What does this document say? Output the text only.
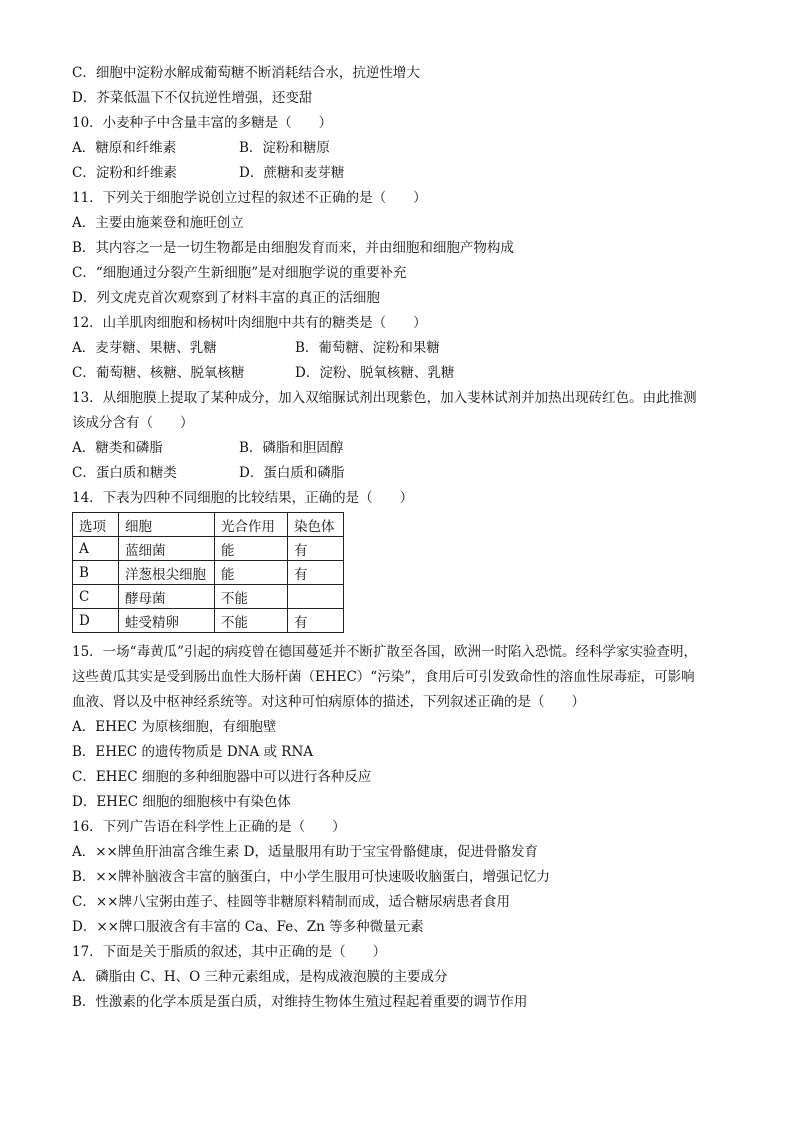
C．细胞中淀粉水解成葡萄糖不断消耗结合水，抗逆性增大
D．芥菜低温下不仅抗逆性增强，还变甜
10．小麦种子中含量丰富的多糖是（　　）
A．糖原和纤维素	B．淀粉和糖原
C．淀粉和纤维素	D．蔗糖和麦芽糖
11．下列关于细胞学说创立过程的叙述不正确的是（　　）
A．主要由施莱登和施旺创立
B．其内容之一是一切生物都是由细胞发育而来，并由细胞和细胞产物构成
C．“细胞通过分裂产生新细胞”是对细胞学说的重要补充
D．列文虎克首次观察到了材料丰富的真正的活细胞
12．山羊肌肉细胞和杨树叶肉细胞中共有的糖类是（　　）
A．麦芽糖、果糖、乳糖	B．葡萄糖、淀粉和果糖
C．葡萄糖、核糖、脱氧核糖	D．淀粉、脱氧核糖、乳糖
13．从细胞膜上提取了某种成分，加入双缩脲试剂出现紫色，加入斐林试剂并加热出现砖红色。由此推测
该成分含有（　　）
A．糖类和磷脂	B．磷脂和胆固醇
C．蛋白质和糖类	D．蛋白质和磷脂
14．下表为四种不同细胞的比较结果，正确的是（　　）
选项	细胞	光合作用	染色体
A	蓝细菌	能	有
B	洋葱根尖细胞	能	有
C	酵母菌	不能	
D	蛙受精卵	不能	有
15．一场“毒黄瓜”引起的病疫曾在德国蔓延并不断扩散至各国，欧洲一时陷入恐慌。经科学家实验查明，
这些黄瓜其实是受到肠出血性大肠杆菌（EHEC）“污染”，食用后可引发致命性的溶血性尿毒症，可影响
血液、肾以及中枢神经系统等。对这种可怕病原体的描述，下列叙述正确的是（　　）
A．EHEC 为原核细胞，有细胞壁
B．EHEC 的遗传物质是 DNA 或 RNA
C．EHEC 细胞的多种细胞器中可以进行各种反应
D．EHEC 细胞的细胞核中有染色体
16．下列广告语在科学性上正确的是（　　）
A．××牌鱼肝油富含维生素 D，适量服用有助于宝宝骨骼健康，促进骨骼发育
B．××牌补脑液含丰富的脑蛋白，中小学生服用可快速吸收脑蛋白，增强记忆力
C．××牌八宝粥由莲子、桂圆等非糖原料精制而成，适合糖尿病患者食用
D．××牌口服液含有丰富的 Ca、Fe、Zn 等多种微量元素
17．下面是关于脂质的叙述，其中正确的是（　　）
A．磷脂由 C、H、O 三种元素组成，是构成液泡膜的主要成分
B．性激素的化学本质是蛋白质，对维持生物体生殖过程起着重要的调节作用
